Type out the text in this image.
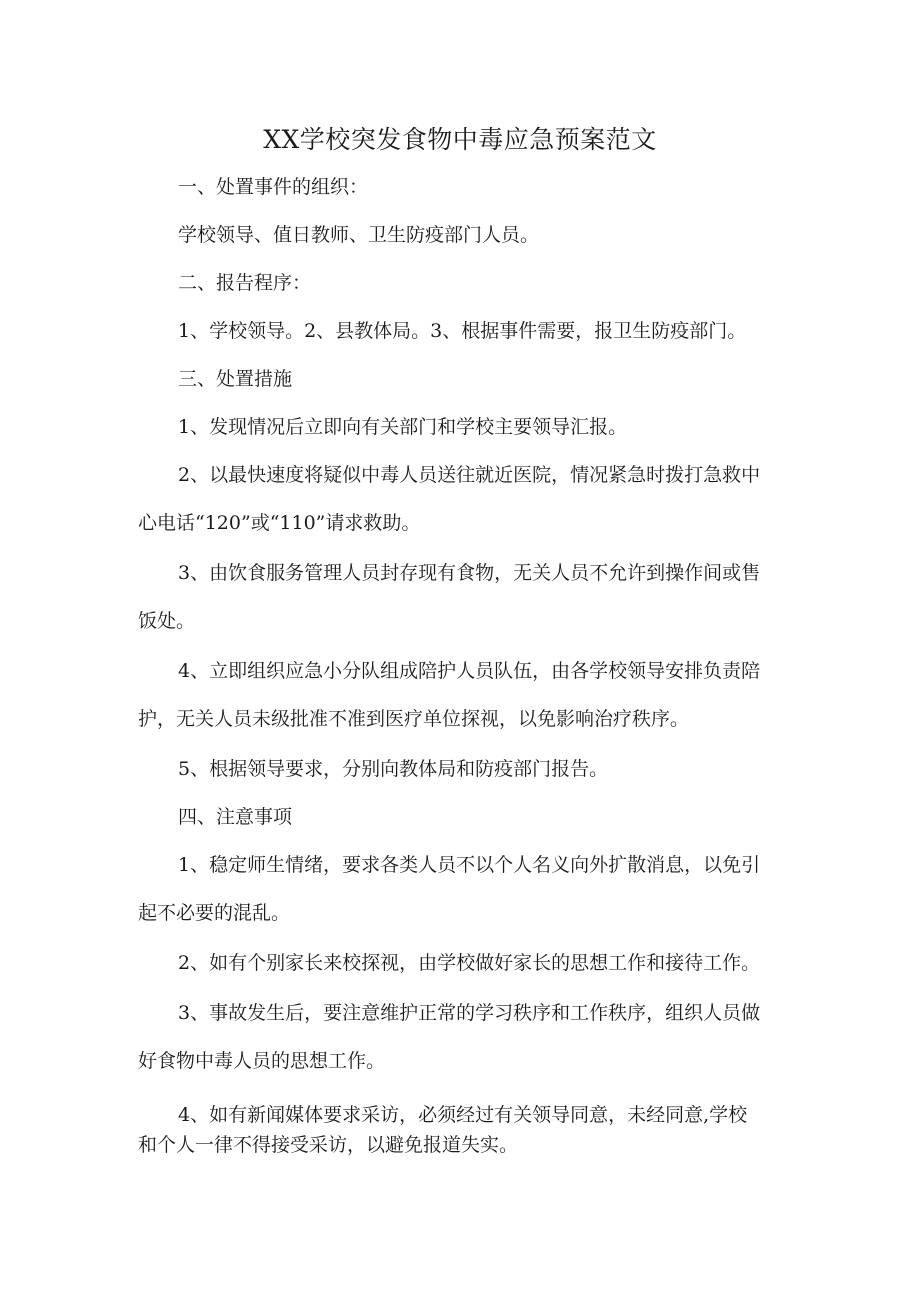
XX学校突发食物中毒应急预案范文
一、处置事件的组织：
学校领导、值日教师、卫生防疫部门人员。
二、报告程序：
1、学校领导。2、县教体局。3、根据事件需要，报卫生防疫部门。
三、处置措施
1、发现情况后立即向有关部门和学校主要领导汇报。
2、以最快速度将疑似中毒人员送往就近医院，情况紧急时拨打急救中
心电话“120”或“110”请求救助。
3、由饮食服务管理人员封存现有食物，无关人员不允许到操作间或售
饭处。
4、立即组织应急小分队组成陪护人员队伍，由各学校领导安排负责陪
护，无关人员未级批准不准到医疗单位探视，以免影响治疗秩序。
5、根据领导要求，分别向教体局和防疫部门报告。
四、注意事项
1、稳定师生情绪，要求各类人员不以个人名义向外扩散消息，以免引
起不必要的混乱。
2、如有个别家长来校探视，由学校做好家长的思想工作和接待工作。
3、事故发生后，要注意维护正常的学习秩序和工作秩序，组织人员做
好食物中毒人员的思想工作。
4、如有新闻媒体要求采访，必须经过有关领导同意，未经同意,学校
和个人一律不得接受采访，以避免报道失实。
